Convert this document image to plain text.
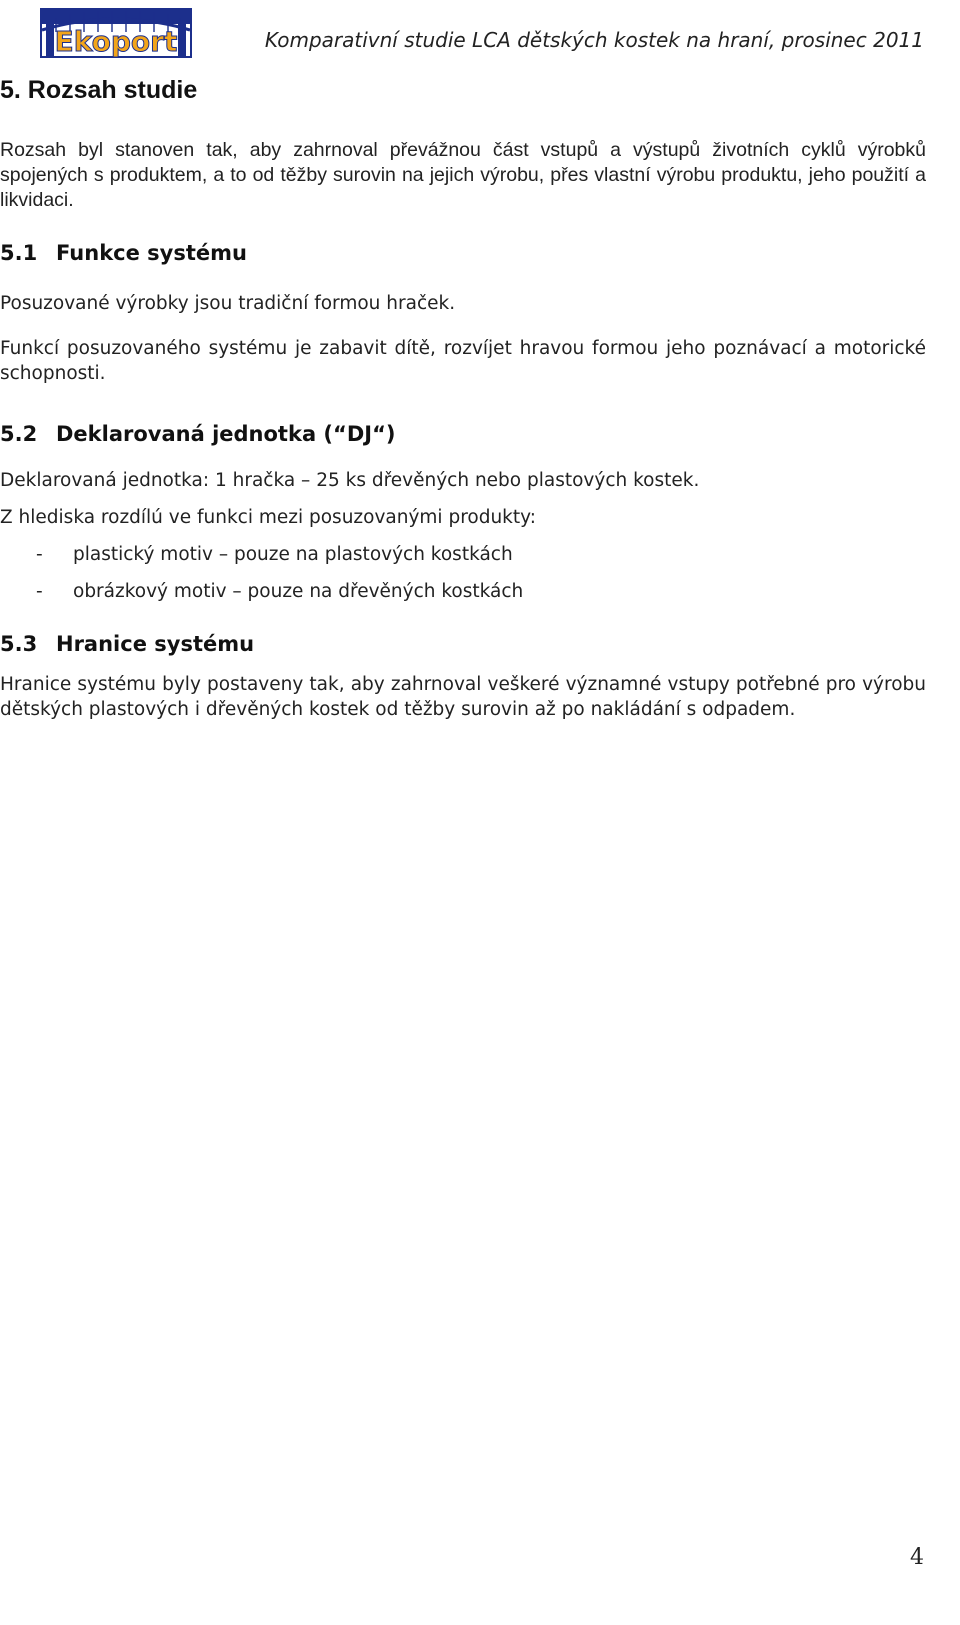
Ekoport	Komparativní studie LCA dětských kostek na hraní, prosinec 2011
5. Rozsah studie

Rozsah byl stanoven tak, aby zahrnoval převážnou část vstupů a výstupů životních cyklů výrobků spojených s produktem, a to od těžby surovin na jejich výrobu, přes vlastní výrobu produktu, jeho použití a likvidaci.

5.1 Funkce systému

Posuzované výrobky jsou tradiční formou hraček.

Funkcí posuzovaného systému je zabavit dítě, rozvíjet hravou formou jeho poznávací a motorické schopnosti.

5.2 Deklarovaná jednotka (“DJ“)

Deklarovaná jednotka: 1 hračka – 25 ks dřevěných nebo plastových kostek.

Z hlediska rozdílú ve funkci mezi posuzovanými produkty:

- plastický motiv – pouze na plastových kostkách
- obrázkový motiv – pouze na dřevěných kostkách
5.3 Hranice systému

Hranice systému byly postaveny tak, aby zahrnoval veškeré významné vstupy potřebné pro výrobu dětských plastových i dřevěných kostek od těžby surovin až po nakládání s odpadem.

4
